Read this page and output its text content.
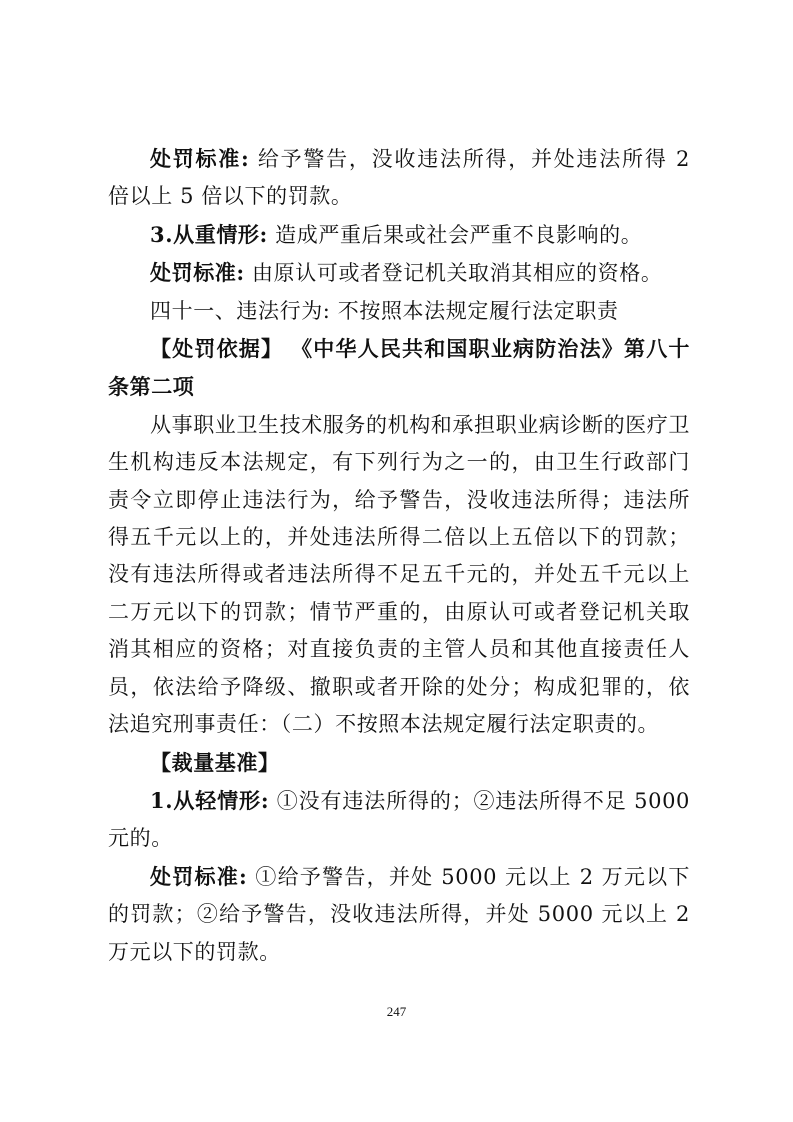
处罚标准: 给予警告，没收违法所得，并处违法所得 2 倍以上 5 倍以下的罚款。
3.从重情形: 造成严重后果或社会严重不良影响的。
处罚标准: 由原认可或者登记机关取消其相应的资格。
四十一、违法行为: 不按照本法规定履行法定职责
【处罚依据】 《中华人民共和国职业病防治法》第八十条第二项
从事职业卫生技术服务的机构和承担职业病诊断的医疗卫生机构违反本法规定，有下列行为之一的，由卫生行政部门责令立即停止违法行为，给予警告，没收违法所得；违法所得五千元以上的，并处违法所得二倍以上五倍以下的罚款；没有违法所得或者违法所得不足五千元的，并处五千元以上二万元以下的罚款；情节严重的，由原认可或者登记机关取消其相应的资格；对直接负责的主管人员和其他直接责任人员，依法给予降级、撤职或者开除的处分；构成犯罪的，依法追究刑事责任：（二）不按照本法规定履行法定职责的。
【裁量基准】
1.从轻情形: ①没有违法所得的；②违法所得不足 5000 元的。
处罚标准: ①给予警告，并处 5000 元以上 2 万元以下的罚款；②给予警告，没收违法所得，并处 5000 元以上 2 万元以下的罚款。
247
